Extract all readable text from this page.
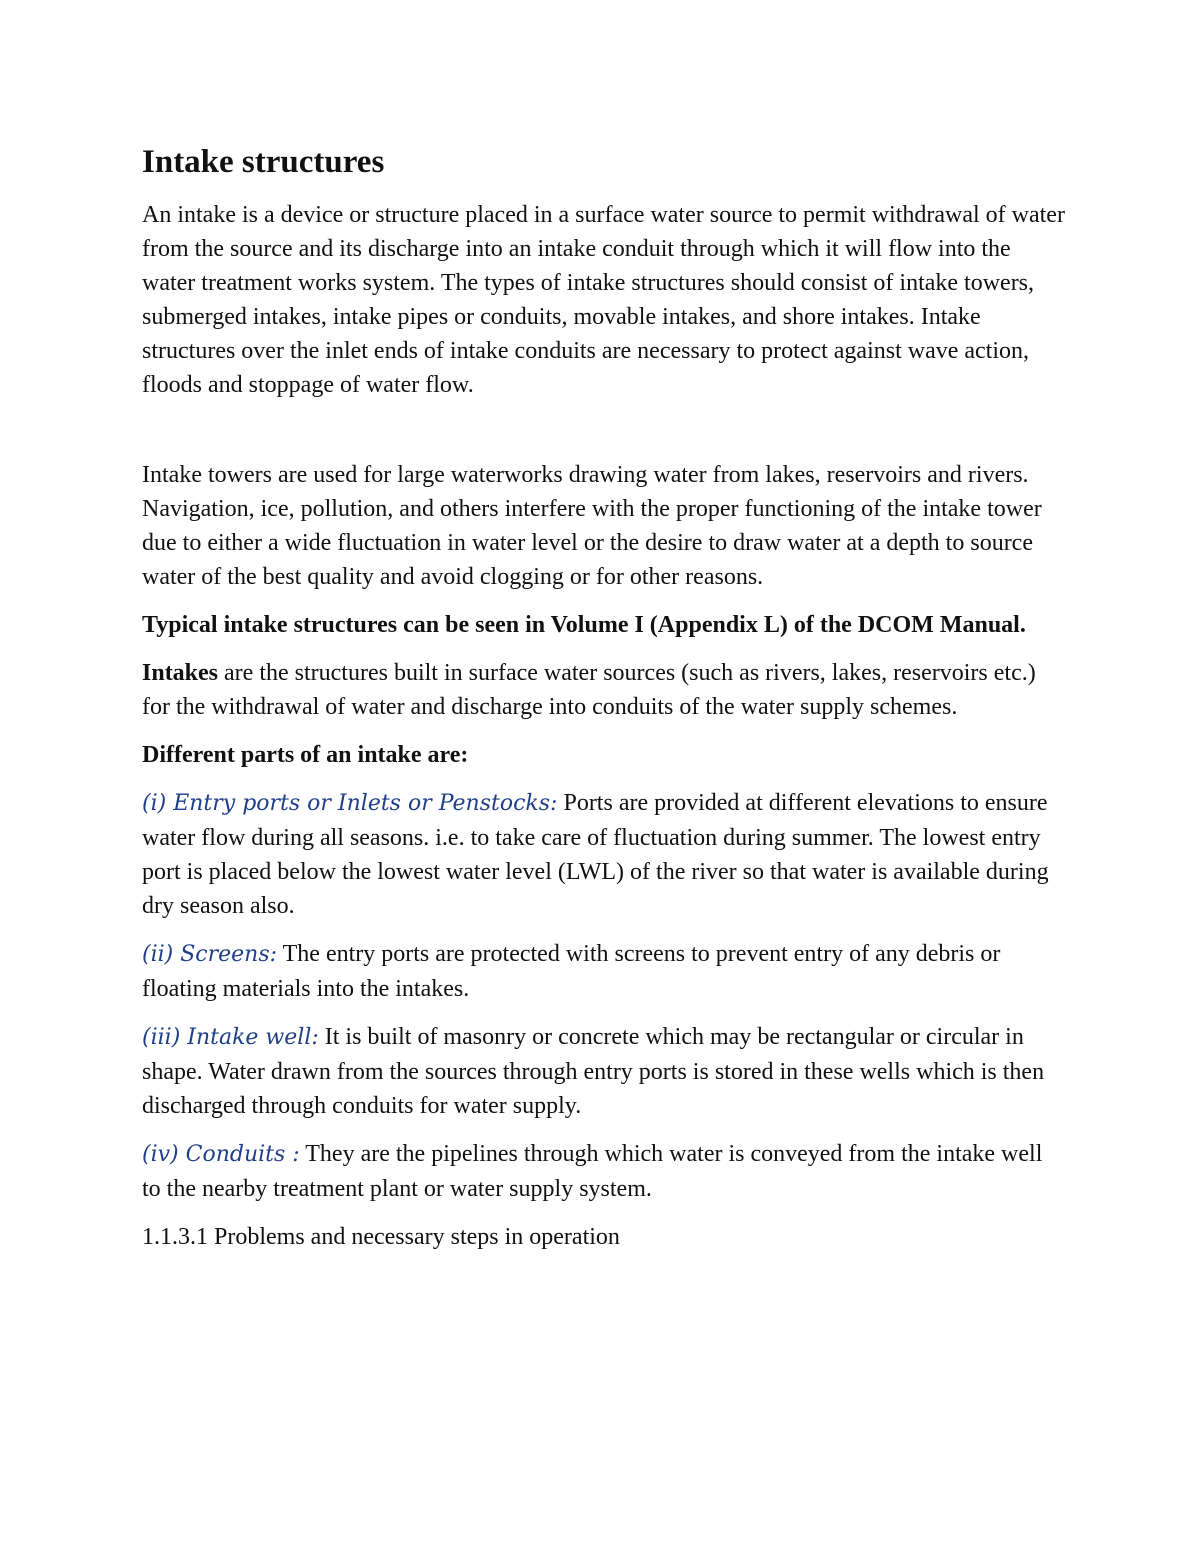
Intake structures

An intake is a device or structure placed in a surface water source to permit withdrawal of water from the source and its discharge into an intake conduit through which it will flow into the water treatment works system. The types of intake structures should consist of intake towers, submerged intakes, intake pipes or conduits, movable intakes, and shore intakes. Intake structures over the inlet ends of intake conduits are necessary to protect against wave action, floods and stoppage of water flow.

Intake towers are used for large waterworks drawing water from lakes, reservoirs and rivers. Navigation, ice, pollution, and others interfere with the proper functioning of the intake tower due to either a wide fluctuation in water level or the desire to draw water at a depth to source water of the best quality and avoid clogging or for other reasons.

Typical intake structures can be seen in Volume I (Appendix L) of the DCOM Manual.

Intakes are the structures built in surface water sources (such as rivers, lakes, reservoirs etc.) for the withdrawal of water and discharge into conduits of the water supply schemes.

Different parts of an intake are:

(i) Entry ports or Inlets or Penstocks: Ports are provided at different elevations to ensure water flow during all seasons. i.e. to take care of fluctuation during summer. The lowest entry port is placed below the lowest water level (LWL) of the river so that water is available during dry season also.

(ii) Screens: The entry ports are protected with screens to prevent entry of any debris or floating materials into the intakes.

(iii) Intake well: It is built of masonry or concrete which may be rectangular or circular in shape. Water drawn from the sources through entry ports is stored in these wells which is then discharged through conduits for water supply.

(iv) Conduits : They are the pipelines through which water is conveyed from the intake well to the nearby treatment plant or water supply system.

1.1.3.1 Problems and necessary steps in operation
